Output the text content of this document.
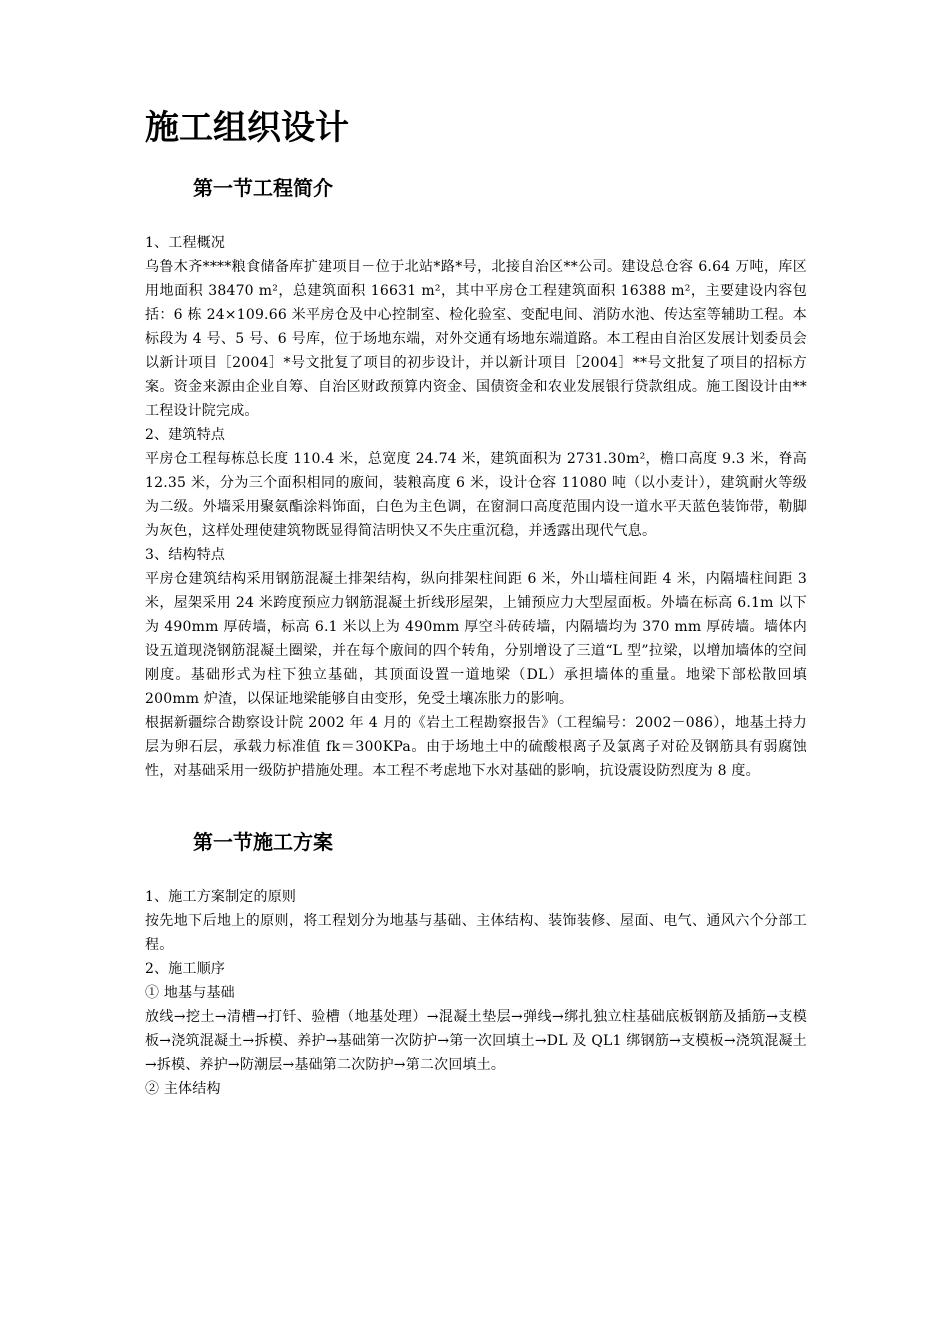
施工组织设计
第一节工程简介

1、工程概况

乌鲁木齐****粮食储备库扩建项目－位于北站*路*号，北接自治区**公司。建设总仓容 6.64 万吨，库区用地面积 38470 m²，总建筑面积 16631 m²，其中平房仓工程建筑面积 16388 m²，主要建设内容包括：6 栋 24×109.66 米平房仓及中心控制室、检化验室、变配电间、消防水池、传达室等辅助工程。本标段为 4 号、5 号、6 号库，位于场地东端，对外交通有场地东端道路。本工程由自治区发展计划委员会以新计项目［2004］*号文批复了项目的初步设计，并以新计项目［2004］**号文批复了项目的招标方案。资金来源由企业自筹、自治区财政预算内资金、国债资金和农业发展银行贷款组成。施工图设计由**工程设计院完成。

2、建筑特点

平房仓工程每栋总长度 110.4 米，总宽度 24.74 米，建筑面积为 2731.30m²，檐口高度 9.3 米，脊高 12.35 米，分为三个面积相同的廒间，装粮高度 6 米，设计仓容 11080 吨（以小麦计），建筑耐火等级为二级。外墙采用聚氨酯涂料饰面，白色为主色调，在窗洞口高度范围内设一道水平天蓝色装饰带，勒脚为灰色，这样处理使建筑物既显得简洁明快又不失庄重沉稳，并透露出现代气息。

3、结构特点

平房仓建筑结构采用钢筋混凝土排架结构，纵向排架柱间距 6 米，外山墙柱间距 4 米，内隔墙柱间距 3 米，屋架采用 24 米跨度预应力钢筋混凝土折线形屋架，上铺预应力大型屋面板。外墙在标高 6.1m 以下为 490mm 厚砖墙，标高 6.1 米以上为 490mm 厚空斗砖砖墙，内隔墙均为 370 mm 厚砖墙。墙体内设五道现浇钢筋混凝土圈梁，并在每个廒间的四个转角，分别增设了三道“L 型”拉梁，以增加墙体的空间刚度。基础形式为柱下独立基础，其顶面设置一道地梁（DL）承担墙体的重量。地梁下部松散回填 200mm 炉渣，以保证地梁能够自由变形，免受土壤冻胀力的影响。

根据新疆综合勘察设计院 2002 年 4 月的《岩土工程勘察报告》（工程编号：2002－086），地基土持力层为卵石层，承载力标准值 fk＝300KPa。由于场地土中的硫酸根离子及氯离子对砼及钢筋具有弱腐蚀性，对基础采用一级防护措施处理。本工程不考虑地下水对基础的影响，抗设震设防烈度为 8 度。

第一节施工方案

1、施工方案制定的原则

按先地下后地上的原则，将工程划分为地基与基础、主体结构、装饰装修、屋面、电气、通风六个分部工程。

2、施工顺序

① 地基与基础

放线→挖土→清槽→打钎、验槽（地基处理）→混凝土垫层→弹线→绑扎独立柱基础底板钢筋及插筋→支模板→浇筑混凝土→拆模、养护→基础第一次防护→第一次回填土→DL 及 QL1 绑钢筋→支模板→浇筑混凝土→拆模、养护→防潮层→基础第二次防护→第二次回填土。

② 主体结构
